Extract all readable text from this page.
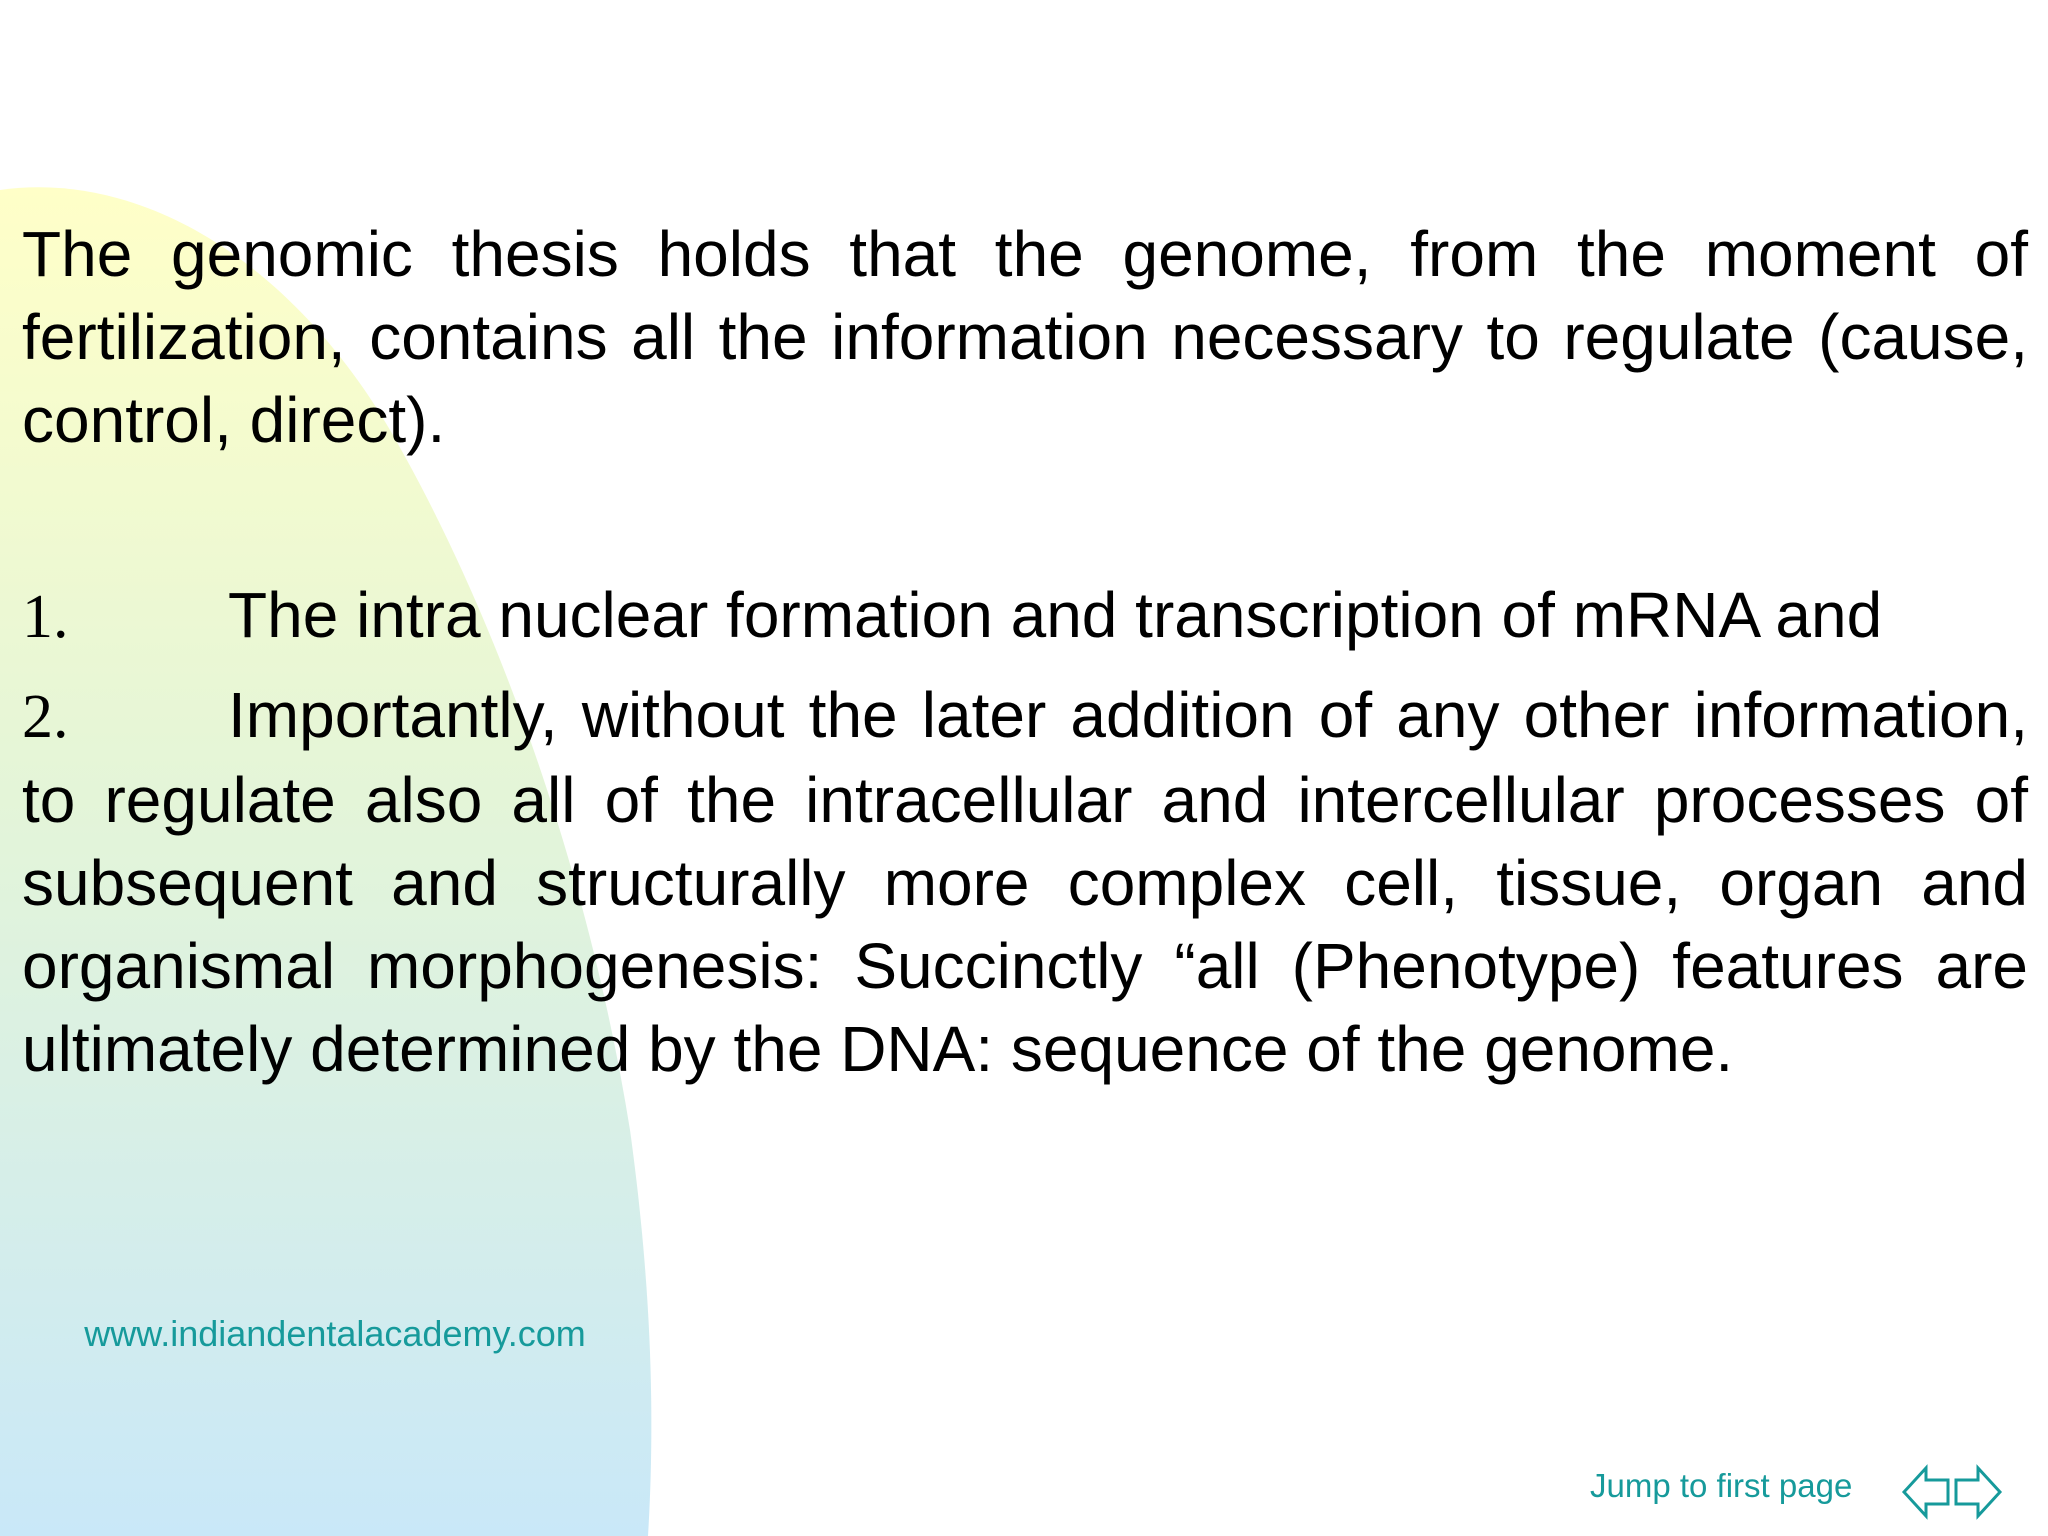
The genomic thesis holds that the genome, from the moment of fertilization, contains all the information necessary to regulate (cause, control, direct).
1. The intra nuclear formation and transcription of mRNA and
2. Importantly, without the later addition of any other information, to regulate also all of the intracellular and intercellular processes of subsequent and structurally more complex cell, tissue, organ and organismal morphogenesis: Succinctly “all (Phenotype) features are ultimately determined by the DNA: sequence of the genome.
www.indiandentalacademy.com
Jump to first page
